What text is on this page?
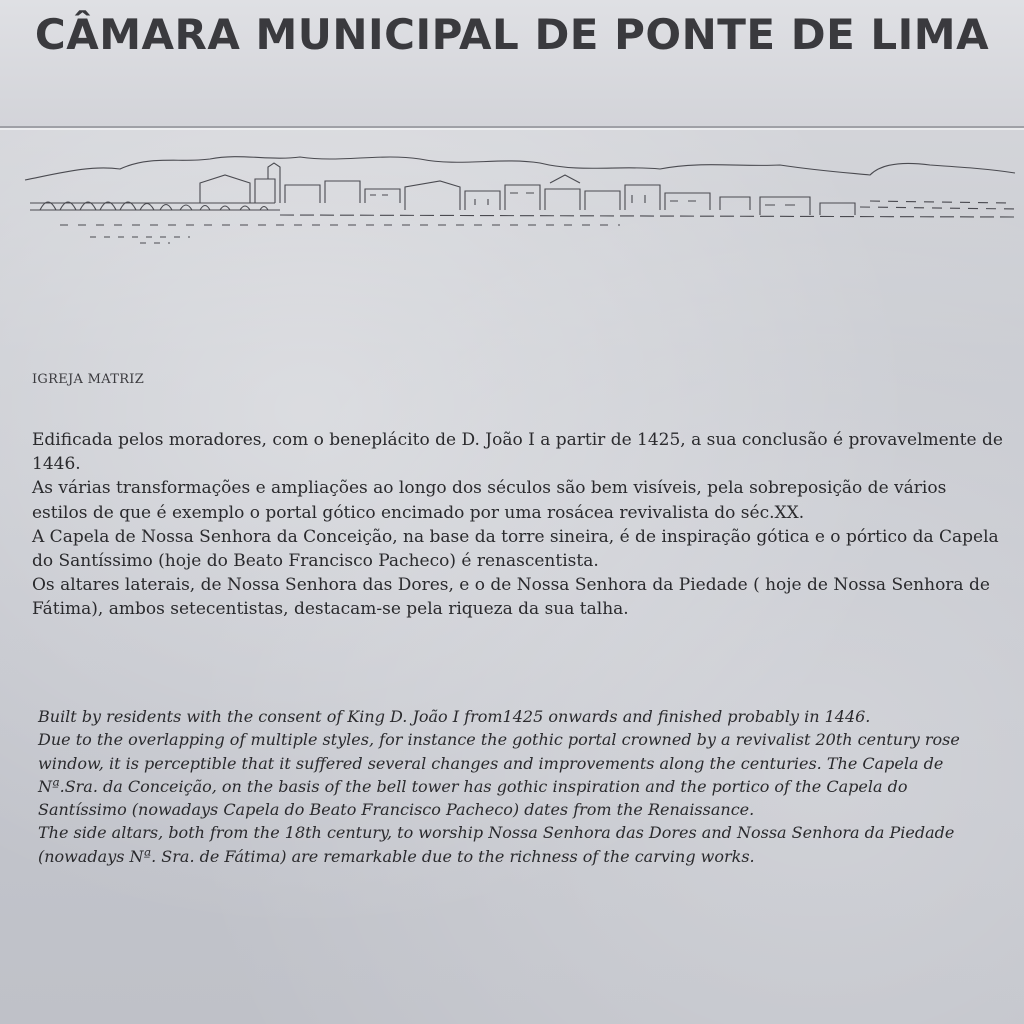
CÂMARA MUNICIPAL DE PONTE DE LIMA

IGREJA MATRIZ

Edificada pelos moradores, com o beneplácito de D. João I a partir de 1425, a sua conclusão é provavelmente de 1446.

As várias transformações e ampliações ao longo dos séculos são bem visíveis, pela sobreposição de vários estilos de que é exemplo o portal gótico encimado por uma rosácea revivalista do séc.XX.

A Capela de Nossa Senhora da Conceição, na base da torre sineira, é de inspiração gótica e o pórtico da Capela do Santíssimo (hoje do Beato Francisco Pacheco) é renascentista.

Os altares laterais, de Nossa Senhora das Dores, e o de Nossa Senhora da Piedade ( hoje de Nossa Senhora de Fátima), ambos setecentistas, destacam-se pela riqueza da sua talha.

Built by residents with the consent of King D. João I from1425 onwards and finished probably in 1446.

Due to the overlapping of multiple styles, for instance the gothic portal crowned by a revivalist 20th century rose window, it is perceptible that it suffered several changes and improvements along the centuries. The Capela de Nª.Sra. da Conceição, on the basis of the bell tower has gothic inspiration and the portico of the Capela do Santíssimo (nowadays Capela do Beato Francisco Pacheco) dates from the Renaissance.

The side altars, both from the 18th century, to worship Nossa Senhora das Dores and Nossa Senhora da Piedade (nowadays Nª. Sra. de Fátima) are remarkable due to the richness of the carving works.
